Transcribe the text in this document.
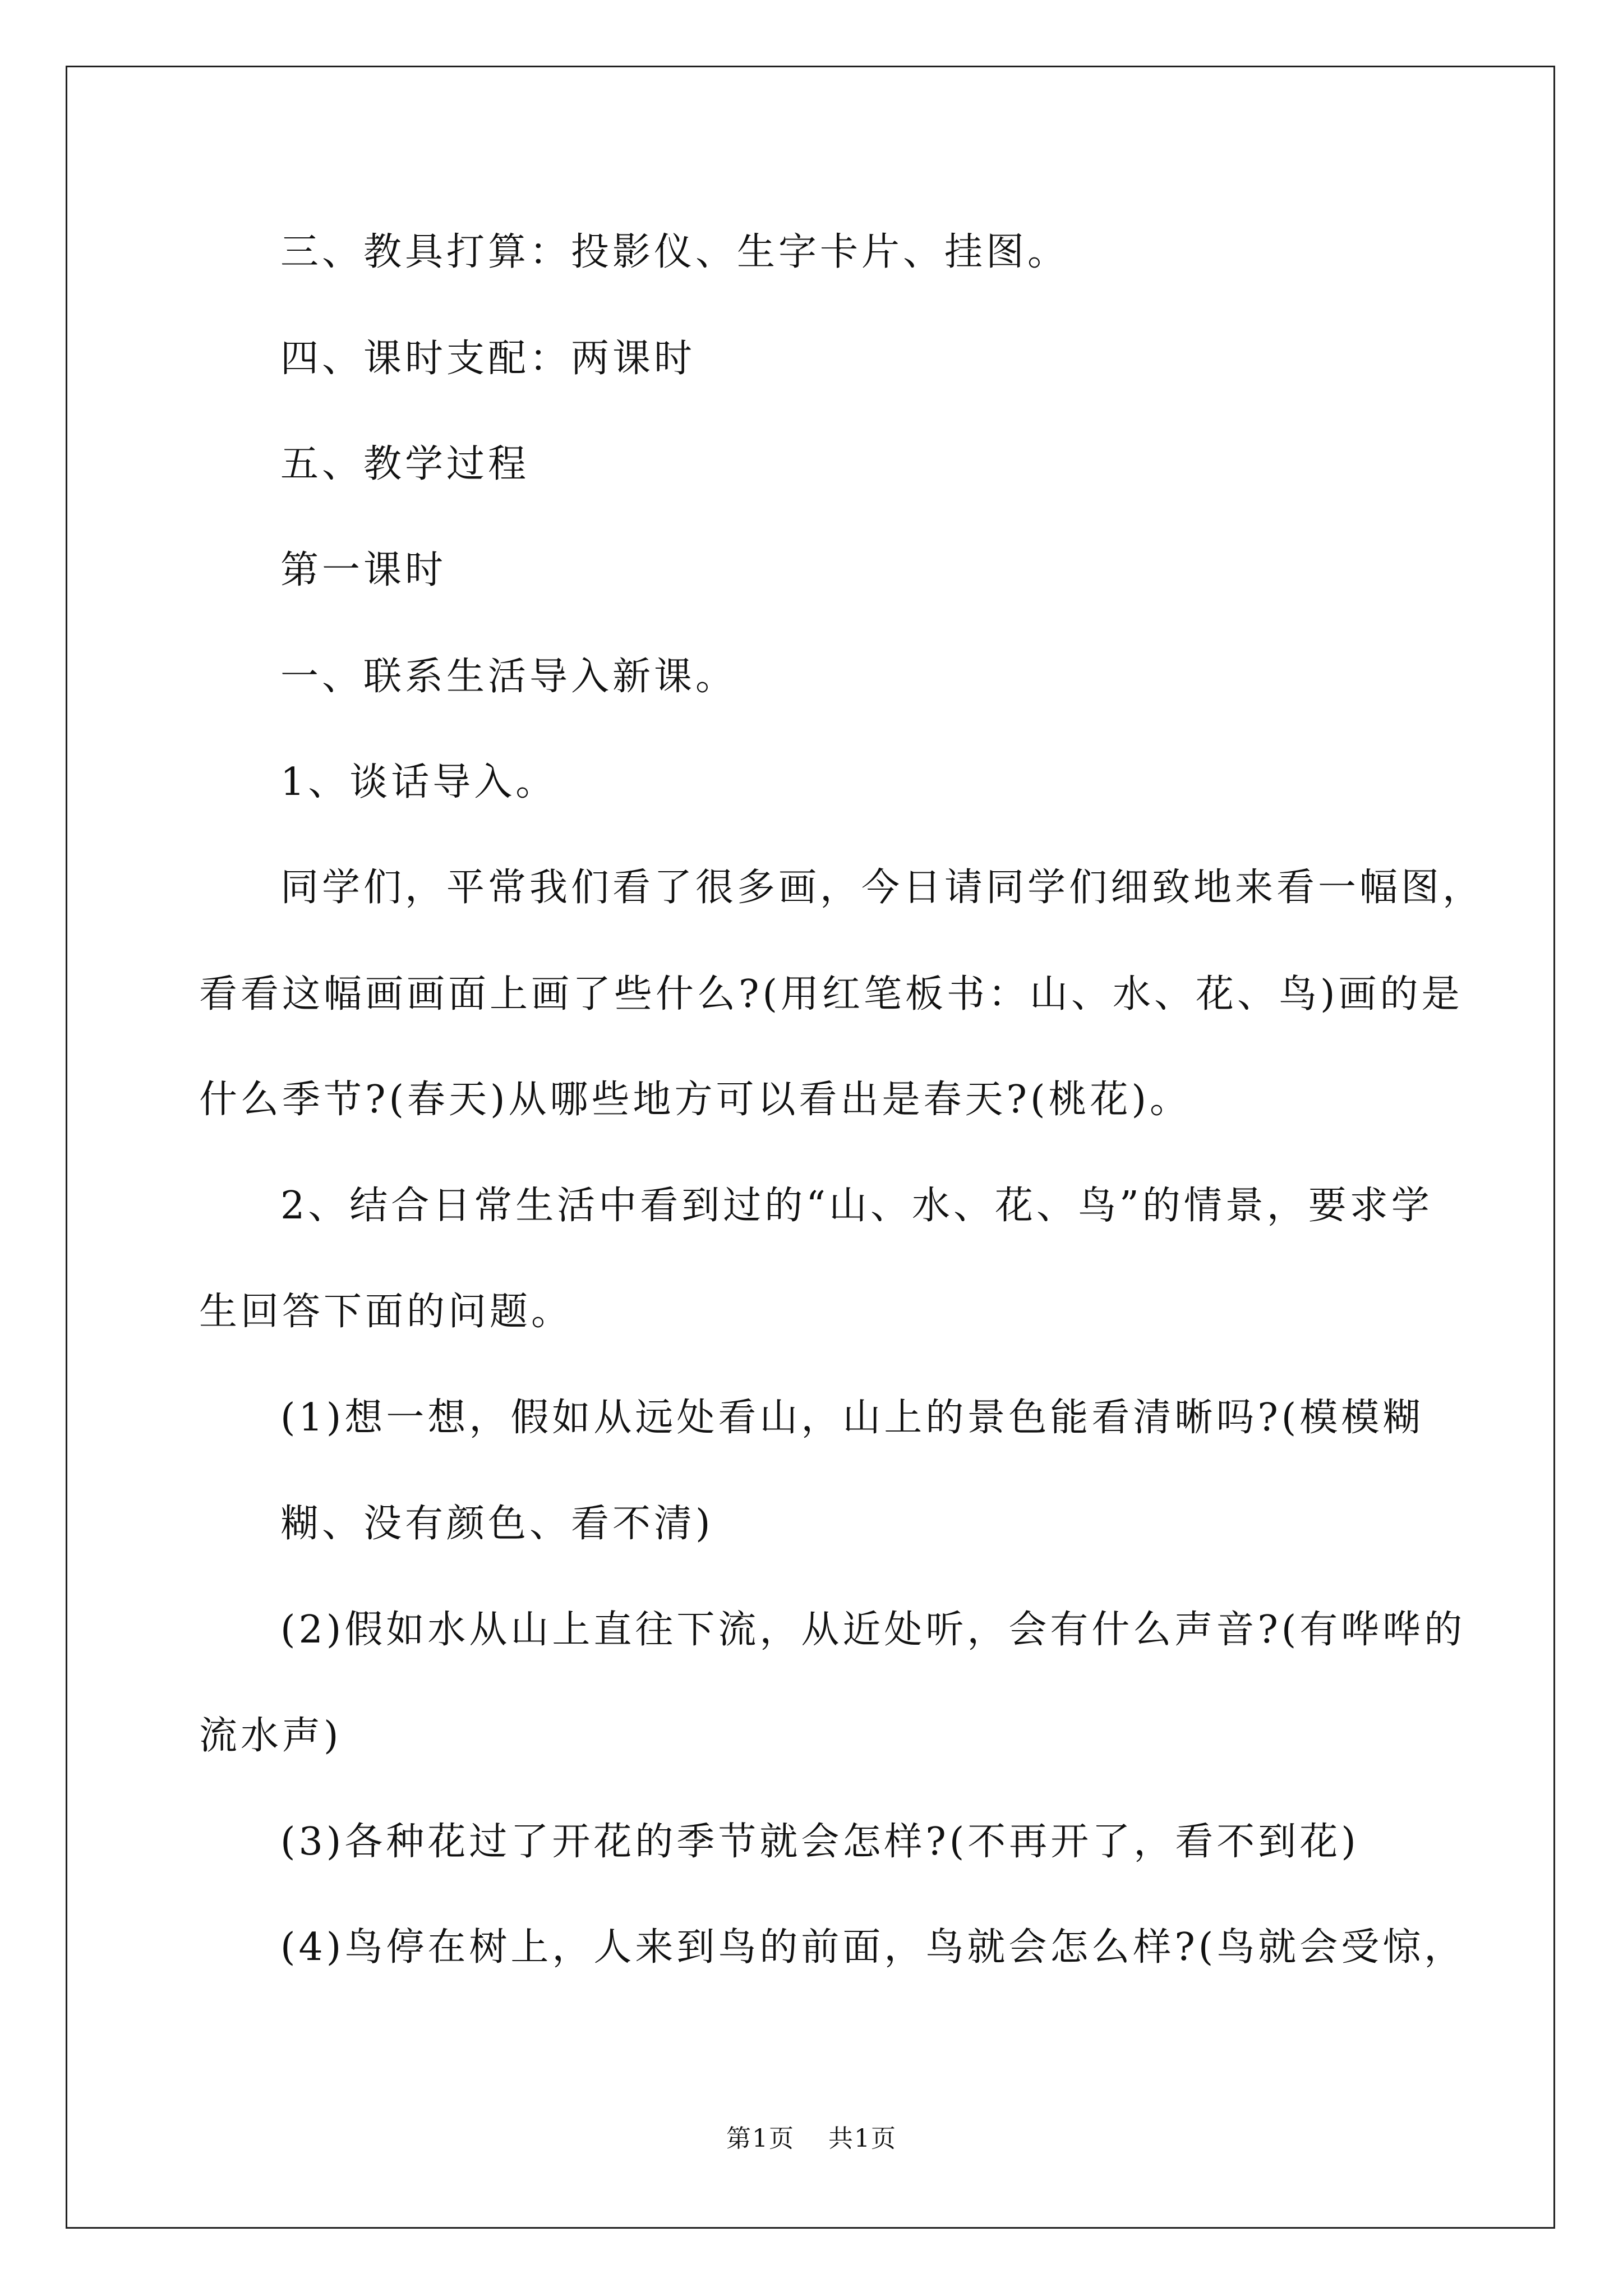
三、教具打算：投影仪、生字卡片、挂图。
四、课时支配：两课时
五、教学过程
第一课时
一、联系生活导入新课。
1、谈话导入。
同学们，平常我们看了很多画，今日请同学们细致地来看一幅图，
看看这幅画画面上画了些什么?(用红笔板书：山、水、花、鸟)画的是
什么季节?(春天)从哪些地方可以看出是春天?(桃花)。
2、结合日常生活中看到过的“山、水、花、鸟”的情景，要求学
生回答下面的问题。
(1)想一想，假如从远处看山，山上的景色能看清晰吗?(模模糊
糊、没有颜色、看不清)
(2)假如水从山上直往下流，从近处听，会有什么声音?(有哗哗的
流水声)
(3)各种花过了开花的季节就会怎样?(不再开了，看不到花)
(4)鸟停在树上，人来到鸟的前面，鸟就会怎么样?(鸟就会受惊，
第1页 共1页
